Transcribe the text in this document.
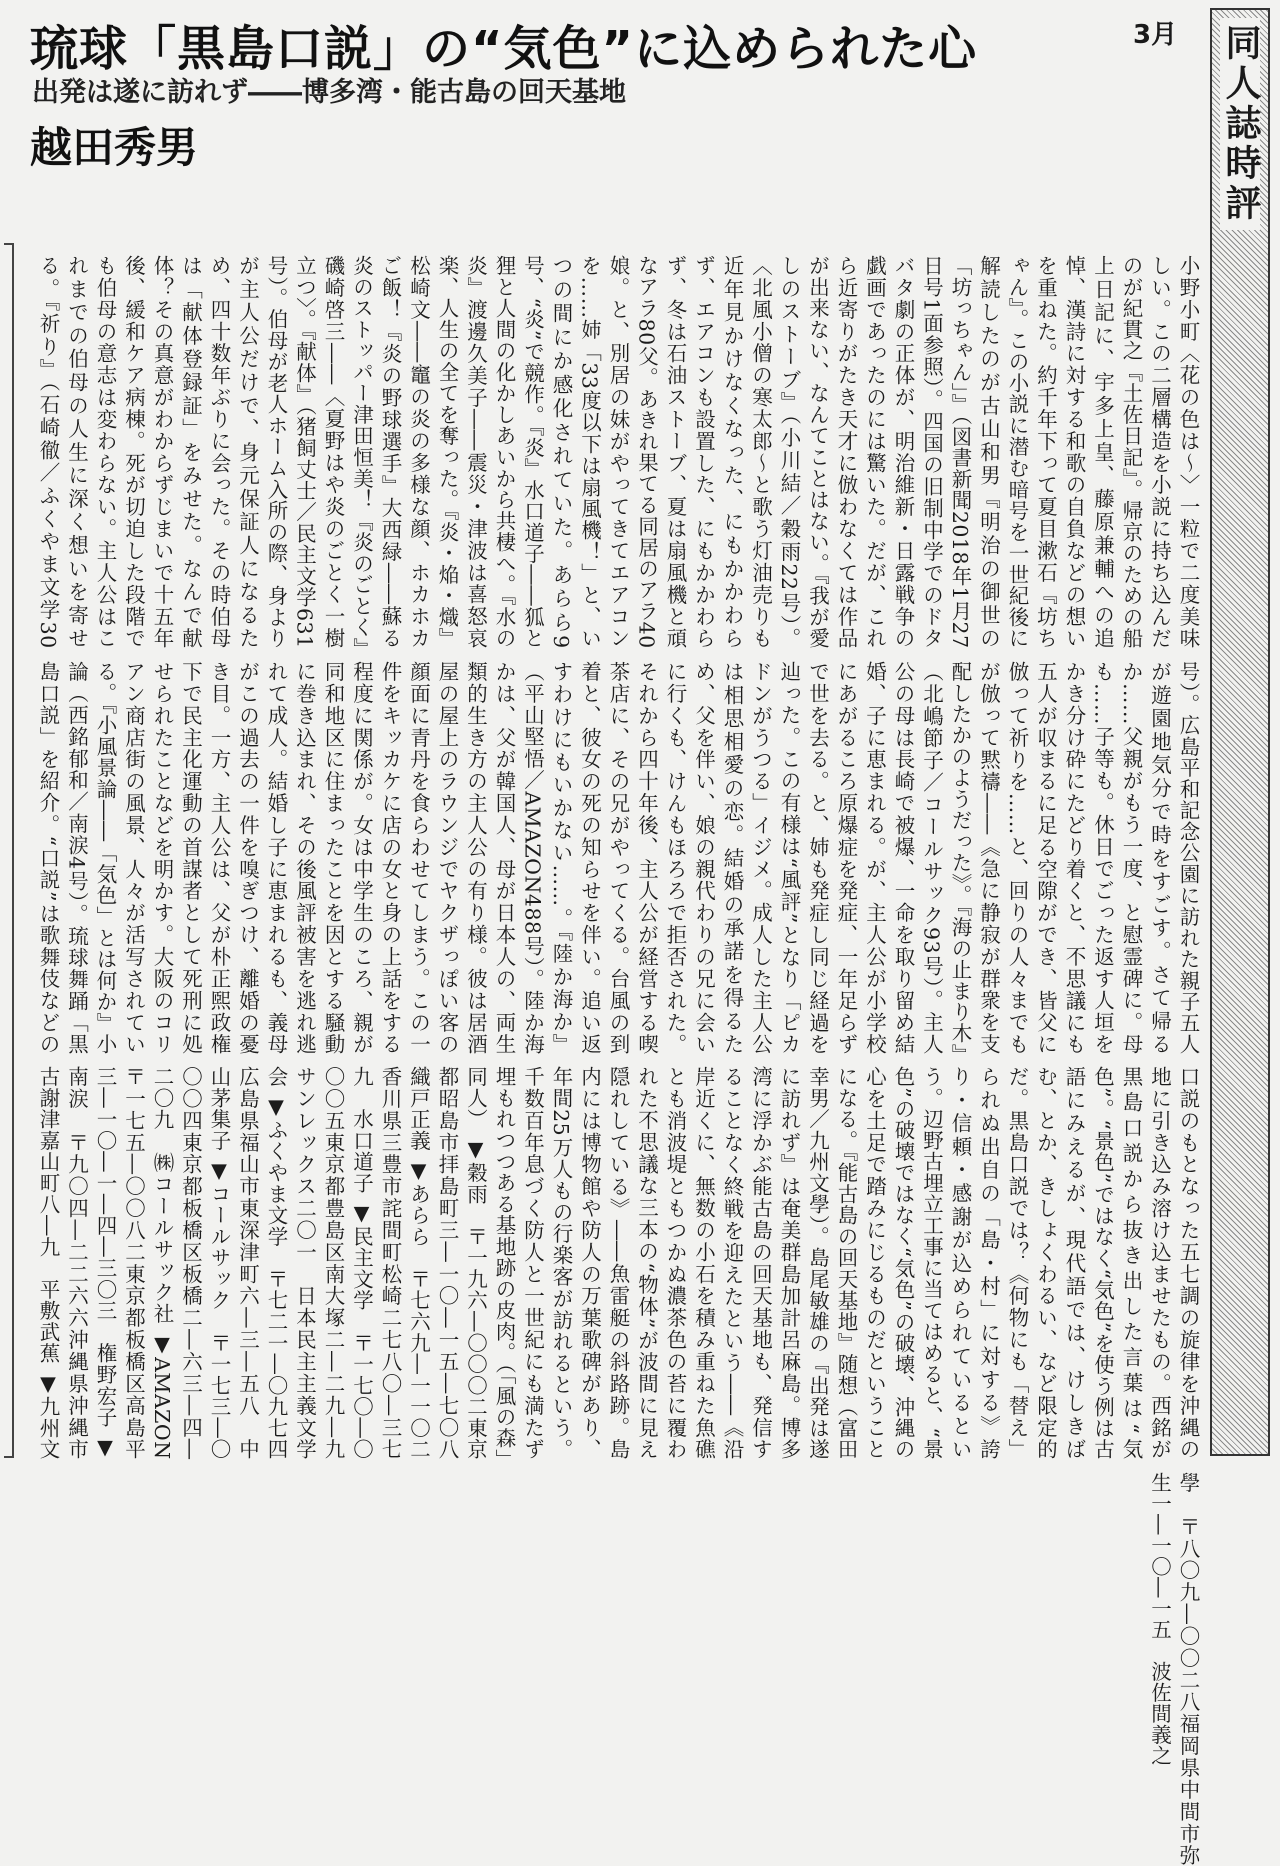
琉球「黒島口説」の“気色”に込められた心
出発は遂に訪れず――博多湾・能古島の回天基地
越田秀男
3月 同人誌時評
小野小町〈花の色は〜〉一粒で二度美味しい。この二層構造を小説に持ち込んだのが紀貫之『土佐日記』。帰京のための船上日記に、宇多上皇、藤原兼輔への追悼、漢詩に対する和歌の自負などの想いを重ねた。約千年下って夏目漱石『坊ちゃん』。この小説に潜む暗号を一世紀後に解読したのが古山和男『明治の御世の「坊っちゃん」』（図書新聞2018年1月27日号1面参照）。四国の旧制中学でのドタバタ劇の正体が、明治維新・日露戦争の戯画であったのには驚いた。だが、これら近寄りがたき天才に倣わなくては作品が出来ない、なんてことはない。『我が愛しのストーブ』（小川結／穀雨22号）。〈北風小僧の寒太郎〜と歌う灯油売りも近年見かけなくなった、にもかかわらず、エアコンも設置した、にもかかわらず、冬は石油ストーブ、夏は扇風機と頑なアラ80父。あきれ果てる同居のアラ40娘。と、別居の妹がやってきてエアコンを……姉「33度以下は扇風機！」と、いつの間にか感化されていた。あらら9号、“炎”で競作。『炎』水口道子――狐と狸と人間の化かしあいから共棲へ。『水の炎』渡邊久美子――震災・津波は喜怒哀楽、人生の全てを奪った。『炎・焔・熾』松崎文――竈の炎の多様な顔、ホカホカご飯！『炎の野球選手』大西緑――蘇る炎のストッパー津田恒美！『炎のごとく』磯崎啓三――〈夏野はや炎のごとく一樹立つ〉。『献体』（猪飼丈士／民主文学631号）。伯母が老人ホーム入所の際、身よりが主人公だけで、身元保証人になるため、四十数年ぶりに会った。その時伯母は「献体登録証」をみせた。なんで献体？その真意がわからずじまいで十五年後、緩和ケア病棟。死が切迫した段階でも伯母の意志は変わらない。主人公はこれまでの伯母の人生に深く想いを寄せる。『祈り』（石崎徹／ふくやま文学30号）。広島平和記念公園に訪れた親子五人が遊園地気分で時をすごす。さて帰るか……父親がもう一度、と慰霊碑に。母も……子等も。休日でごった返す人垣をかき分け砕にたどり着くと、不思議にも五人が収まるに足る空隙ができ、皆父に倣って祈りを……と、回りの人々までもが倣って黙禱――《急に静寂が群衆を支配したかのようだった》。『海の止まり木』（北嶋節子／コールサック93号）。主人公の母は長崎で被爆、一命を取り留め結婚、子に恵まれる。が、主人公が小学校にあがるころ原爆症を発症、一年足らずで世を去る。と、姉も発症し同じ経過を辿った。この有様は“風評”となり「ピカドンがうつる」イジメ。成人した主人公は相思相愛の恋。結婚の承諾を得るため、父を伴い、娘の親代わりの兄に会いに行くも、けんもほろろで拒否された。それから四十年後、主人公が経営する喫茶店に、その兄がやってくる。台風の到着と、彼女の死の知らせを伴い。追い返すわけにもいかない……。『陸か海か』（平山堅悟／AMAZON488号）。陸か海かは、父が韓国人、母が日本人の、両生類的生き方の主人公の有り様。彼は居酒屋の屋上のラウンジでヤクザっぽい客の顔面に青丹を食らわせてしまう。この一件をキッカケに店の女と身の上話をする程度に関係が。女は中学生のころ、親が同和地区に住まったことを因とする騒動に巻き込まれ、その後風評被害を逃れ逃れて成人。結婚し子に恵まれるも、義母がこの過去の一件を嗅ぎつけ、離婚の憂き目。一方、主人公は、父が朴正煕政権下で民主化運動の首謀者として死刑に処せられたことなどを明かす。大阪のコリアン商店街の風景、人々が活写されている。『小風景論――「気色」とは何か』小論（西銘郁和／南涙4号）。琉球舞踊「黒島口説」を紹介。“口説”は歌舞伎などの口説のもとなった五七調の旋律を沖縄の地に引き込み溶け込ませたもの。西銘が黒島口説から抜き出した言葉は“気色”。“景色”ではなく“気色”を使う例は古語にみえるが、現代語では、けしきばむ、とか、きしょくわるい、など限定的だ。黒島口説では？《何物にも「替え」られぬ出自の「島・村」に対する》誇り・信頼・感謝が込められているという。辺野古埋立工事に当てはめると、“景色”の破壊ではなく“気色”の破壊、沖縄の心を土足で踏みにじるものだということになる。『能古島の回天基地』随想（富田幸男／九州文學）。島尾敏雄の『出発は遂に訪れず』は奄美群島加計呂麻島。博多湾に浮かぶ能古島の回天基地も、発信することなく終戦を迎えたという――《沿岸近くに、無数の小石を積み重ねた魚礁とも消波堤ともつかぬ濃茶色の苔に覆われた不思議な三本の“物体”が波間に見え隠れしている》――魚雷艇の斜路跡。島内には博物館や防人の万葉歌碑があり、年間25万人もの行楽客が訪れるという。千数百年息づく防人と一世紀にも満たず埋もれつつある基地跡の皮肉。（「風の森」同人） ▼穀雨　〒一九六―〇〇〇二東京都昭島市拝島町三―一〇―一五―七〇八　織戸正義 ▼あらら　〒七六九―一一〇二香川県三豊市詫間町松崎二七八〇―三七九　水口道子 ▼民主文学　〒一七〇―〇〇〇五東京都豊島区南大塚二―二九―九サンレックス二〇一　日本民主主義文学会 ▼ふくやま文学　〒七二一―〇九七四広島県福山市東深津町六―三―五八　中山茅集子 ▼コールサック　〒一七三―〇〇〇四東京都板橋区板橋二―六三―四―二〇九　㈱コールサック社 ▼AMAZON　〒一七五―〇〇八二東京都板橋区高島平三―一〇―一―四―三〇三　権野宏子 ▼南涙　〒九〇四―二二六六沖縄県沖縄市古謝津嘉山町八―九　平敷武蕉 ▼九州文學　〒八〇九―〇〇二八福岡県中間市弥生一―一〇―一五　波佐間義之
